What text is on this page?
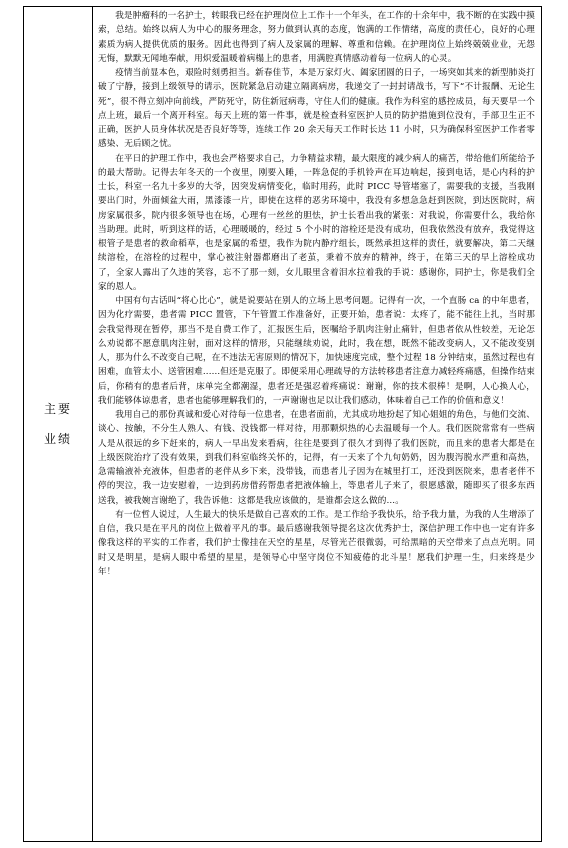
主要业绩

我是肿瘤科的一名护士，转眼我已经在护理岗位上工作十一个年头，在工作的十余年中，我不断的在实践中摸索，总结。始终以病人为中心的服务理念，努力做到认真的态度，饱满的工作情绪，高度的责任心，良好的心理素质为病人提供优质的服务。因此也得到了病人及家属的理解、尊重和信赖。在护理岗位上始终兢兢业业，无怨无悔，默默无闻地奉献，用炽爱温暖着病榻上的患者，用满腔真情感动着每一位病人的心灵。

疫情当前显本色，艰险时刻勇担当。新春佳节，本是万家灯火、阖家团圆的日子，一场突如其来的新型肺炎打破了宁静，接到上级领导的请示，医院紧急启动建立隔离病房，我递交了一封封请战书，写下“不计报酬、无论生死”，很不得立刻冲向前线，严防死守，防住新冠病毒，守住人们的健康。我作为科室的感控成员，每天要早一个点上班，最后一个离开科室。每天上班的第一件事，就是检查科室医护人员的防护措施到位没有，手部卫生正不正确，医护人员身体状况是否良好等等，连续工作 20 余天每天工作时长达 11 小时，只为确保科室医护工作者零感染、无后顾之忧。

在平日的护理工作中，我也会严格要求自己，力争精益求精，最大限度的减少病人的痛苦，带给他们所能给予的最大帮助。记得去年冬天的一个夜里，刚要入睡，一阵急促的手机铃声在耳边响起，接到电话，是心内科的护士长，科室一名九十多岁的大爷，因突发病情变化，临时用药，此时 PICC 导管堵塞了，需要我的支援，当我刚要出门时，外面倾盆大雨，黑漆漆一片，即使在这样的恶劣环境中，我没有多想急急赶到医院，到达医院时，病房家属很多，院内很多领导也在场，心理有一丝丝的胆怯，护士长看出我的紧张：对我说，你需要什么，我给你当助理。此时，听到这样的话，心理暖暖的，经过 5 个小时的溶栓还是没有成功，但我依然没有放弃，我觉得这根管子是患者的救命稻草，也是家属的希望，我作为院内静疗组长，既然承担这样的责任，就要解决，第二天继续溶栓，在溶栓的过程中，掌心被注射器都磨出了老茧，秉着不放弃的精神，终于，在第三天的早上溶栓成功了，全家人露出了久违的笑容，忘不了那一刻，女儿眼里含着泪水拉着我的手说：感谢你，同护士，你是我们全家的恩人。

中国有句古话叫“将心比心”，就是说要站在别人的立场上思考问题。记得有一次，一个直肠 ca 的中年患者，因为化疗需要，患者需 PICC 置管，下午管置工作准备好，正要开始，患者说：太疼了，能不能往上扎，当时那会我觉得现在暂停，那当不是自费工作了，汇报医生后，医嘱给予肌肉注射止痛针，但患者依从性较差，无论怎么劝说都不愿意肌肉注射，面对这样的情形，只能继续劝说，此时，我在想，既然不能改变病人，又不能改变别人，那为什么不改变自己呢，在不违法无害原则的情况下，加快速度完成，整个过程 18 分钟结束，虽然过程也有困难，血管太小、送管困难......但还是克服了。即便采用心理疏导的方法转移患者注意力减轻疼痛感，但操作结束后，你稍有的患者后背，床单完全都潮湿，患者还是强忍着疼痛说：谢谢，你的技术很棒！是啊，人心换人心，我们能够体谅患者，患者也能够理解我们的，一声谢谢也足以让我们感动，体味着自己工作的价值和意义！

我用自己的那份真诚和爱心对待每一位患者，在患者面前，尤其成功地扮起了知心姐姐的角色，与他们交流、谈心、按触，不分生人熟人、有钱、没钱都一样对待，用那颗炽热的心去温暖每一个人。我们医院常常有一些病人是从很远的乡下赶来的，病人一早出发来看病，往往是要到了很久才到得了我们医院，而且来的患者大都是在上级医院治疗了没有效果，到我们科室临终关怀的，记得，有一天来了个九旬奶奶，因为腹泻脱水严重和高热，急需输液补充液体，但患者的老伴从乡下来，没带钱，而患者儿子因为在城里打工，还没到医院来，患者老伴不停的哭泣，我一边安慰着，一边到药房借药帮患者把液体输上，等患者儿子来了，很愿感激，随即买了很多东西送我，被我婉言谢绝了，我告诉他：这都是我应该做的，是谁都会这么做的…。

有一位哲人说过，人生最大的快乐是做自己喜欢的工作。是工作给予我快乐，给予我力量，为我的人生增添了自信，我只是在平凡的岗位上做着平凡的事。最后感谢我领导提名这次优秀护士，深信护理工作中也一定有许多像我这样的平实的工作者，我们护士像挂在天空的星星，尽管光芒很微弱，可给黑暗的天空带来了点点光明。同时又是明星，是病人眼中希望的星星，是领导心中坚守岗位不知疲倦的北斗星！愿我们护理一生，归来终是少年！
